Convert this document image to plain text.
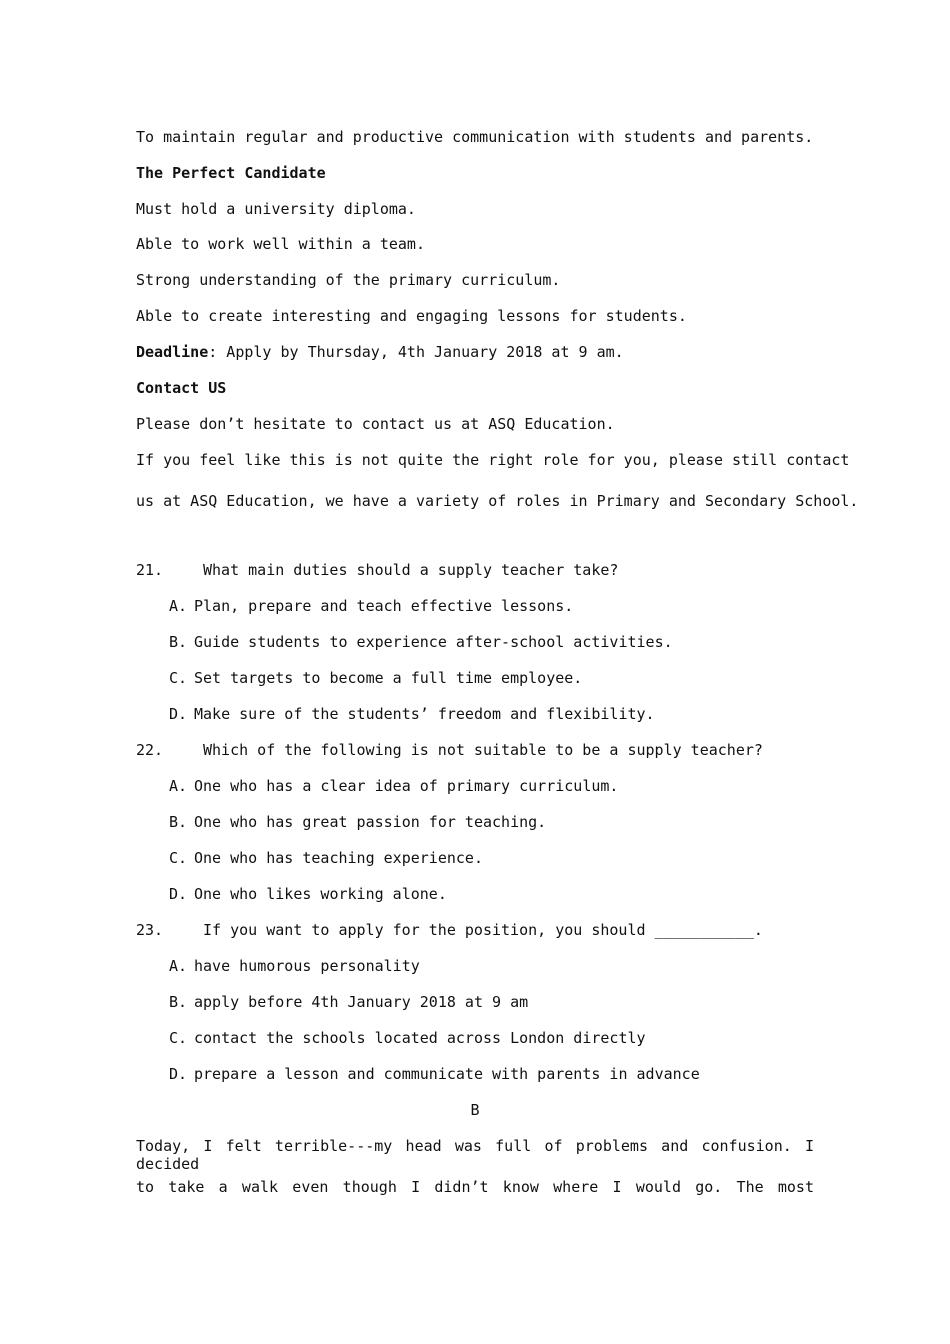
To maintain regular and productive communication with students and parents.
The Perfect Candidate
Must hold a university diploma.
Able to work well within a team.
Strong understanding of the primary curriculum.
Able to create interesting and engaging lessons for students.
Deadline: Apply by Thursday, 4th January 2018 at 9 am.
Contact US
Please don’t hesitate to contact us at ASQ Education.
If you feel like this is not quite the right role for you, please still contact
us at ASQ Education, we have a variety of roles in Primary and Secondary School.
21.	What main duties should a supply teacher take?
A. Plan, prepare and teach effective lessons.
B. Guide students to experience after-school activities.
C. Set targets to become a full time employee.
D. Make sure of the students’ freedom and flexibility.
22.	Which of the following is not suitable to be a supply teacher?
A. One who has a clear idea of primary curriculum.
B. One who has great passion for teaching.
C. One who has teaching experience.
D. One who likes working alone.
23.	If you want to apply for the position, you should ___________.
A. have humorous personality
B. apply before 4th January 2018 at 9 am
C. contact the schools located across London directly
D. prepare a lesson and communicate with parents in advance
B
Today, I felt terrible---my head was full of problems and confusion. I decided
to take a walk even though I didn’t know where I would go. The most
